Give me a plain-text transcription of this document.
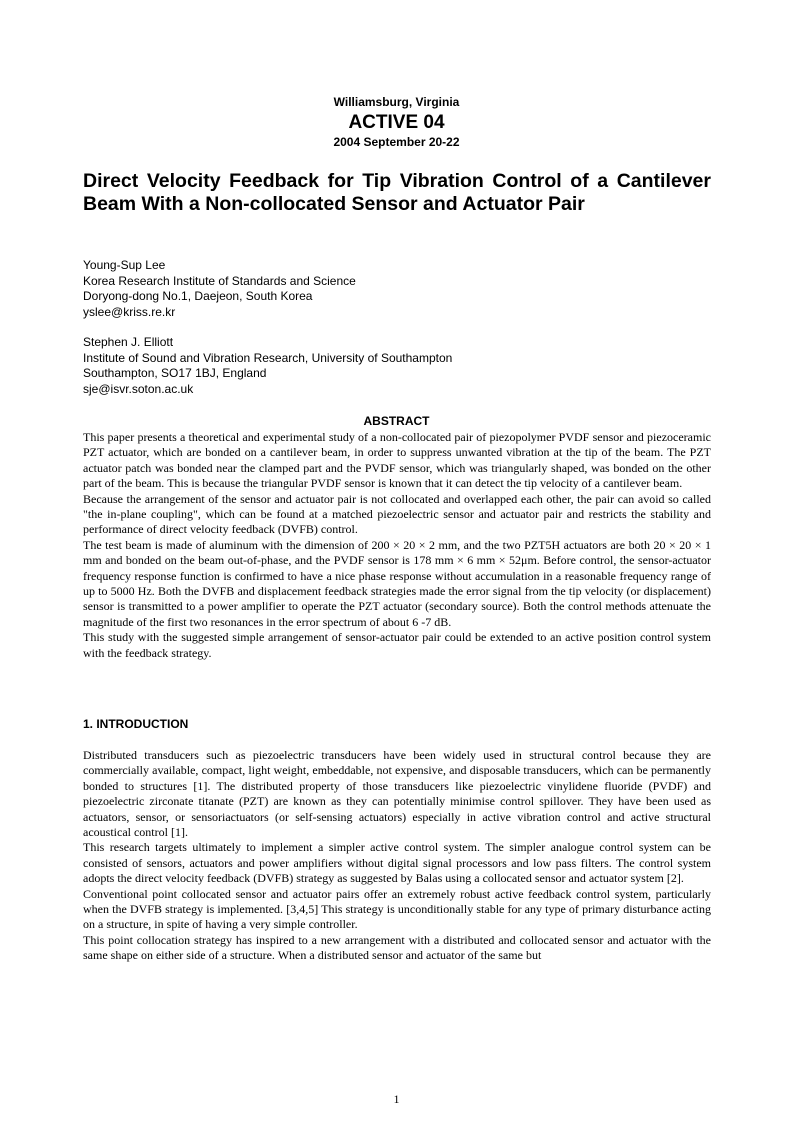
Williamsburg, Virginia
ACTIVE 04
2004 September 20-22
Direct Velocity Feedback for Tip Vibration Control of a Cantilever Beam With a Non-collocated Sensor and Actuator Pair
Young-Sup Lee
Korea Research Institute of Standards and Science
Doryong-dong No.1, Daejeon, South Korea
yslee@kriss.re.kr
Stephen J. Elliott
Institute of Sound and Vibration Research, University of Southampton
Southampton, SO17 1BJ, England
sje@isvr.soton.ac.uk
ABSTRACT

This paper presents a theoretical and experimental study of a non-collocated pair of piezopolymer PVDF sensor and piezoceramic PZT actuator, which are bonded on a cantilever beam, in order to suppress unwanted vibration at the tip of the beam. The PZT actuator patch was bonded near the clamped part and the PVDF sensor, which was triangularly shaped, was bonded on the other part of the beam. This is because the triangular PVDF sensor is known that it can detect the tip velocity of a cantilever beam.

Because the arrangement of the sensor and actuator pair is not collocated and overlapped each other, the pair can avoid so called "the in-plane coupling", which can be found at a matched piezoelectric sensor and actuator pair and restricts the stability and performance of direct velocity feedback (DVFB) control.

The test beam is made of aluminum with the dimension of 200 × 20 × 2 mm, and the two PZT5H actuators are both 20 × 20 × 1 mm and bonded on the beam out-of-phase, and the PVDF sensor is 178 mm × 6 mm × 52μm. Before control, the sensor-actuator frequency response function is confirmed to have a nice phase response without accumulation in a reasonable frequency range of up to 5000 Hz. Both the DVFB and displacement feedback strategies made the error signal from the tip velocity (or displacement) sensor is transmitted to a power amplifier to operate the PZT actuator (secondary source). Both the control methods attenuate the magnitude of the first two resonances in the error spectrum of about 6 -7 dB.

This study with the suggested simple arrangement of sensor-actuator pair could be extended to an active position control system with the feedback strategy.

1. INTRODUCTION

Distributed transducers such as piezoelectric transducers have been widely used in structural control because they are commercially available, compact, light weight, embeddable, not expensive, and disposable transducers, which can be permanently bonded to structures [1]. The distributed property of those transducers like piezoelectric vinylidene fluoride (PVDF) and piezoelectric zirconate titanate (PZT) are known as they can potentially minimise control spillover. They have been used as actuators, sensor, or sensoriactuators (or self-sensing actuators) especially in active vibration control and active structural acoustical control [1].

This research targets ultimately to implement a simpler active control system. The simpler analogue control system can be consisted of sensors, actuators and power amplifiers without digital signal processors and low pass filters. The control system adopts the direct velocity feedback (DVFB) strategy as suggested by Balas using a collocated sensor and actuator system [2].

Conventional point collocated sensor and actuator pairs offer an extremely robust active feedback control system, particularly when the DVFB strategy is implemented. [3,4,5] This strategy is unconditionally stable for any type of primary disturbance acting on a structure, in spite of having a very simple controller.

This point collocation strategy has inspired to a new arrangement with a distributed and collocated sensor and actuator with the same shape on either side of a structure. When a distributed sensor and actuator of the same but

1
